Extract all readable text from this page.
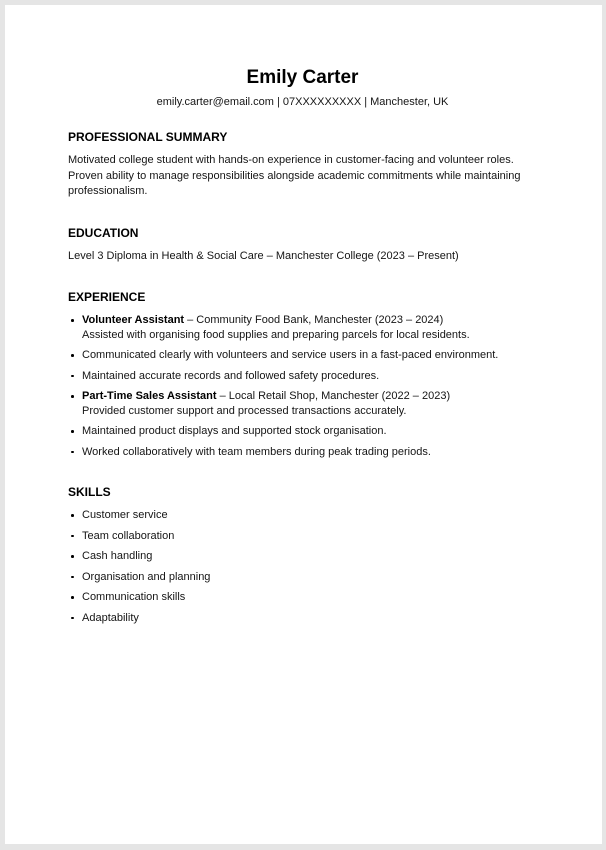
Emily Carter

emily.carter@email.com | 07XXXXXXXXX | Manchester, UK

PROFESSIONAL SUMMARY

Motivated college student with hands-on experience in customer-facing and volunteer roles. Proven ability to manage responsibilities alongside academic commitments while maintaining professionalism.

EDUCATION

Level 3 Diploma in Health & Social Care – Manchester College (2023 – Present)

EXPERIENCE
Volunteer Assistant – Community Food Bank, Manchester (2023 – 2024)
Assisted with organising food supplies and preparing parcels for local residents.
Communicated clearly with volunteers and service users in a fast-paced environment.
Maintained accurate records and followed safety procedures.
Part-Time Sales Assistant – Local Retail Shop, Manchester (2022 – 2023)
Provided customer support and processed transactions accurately.
Maintained product displays and supported stock organisation.
Worked collaboratively with team members during peak trading periods.
SKILLS
Customer service
Team collaboration
Cash handling
Organisation and planning
Communication skills
Adaptability
